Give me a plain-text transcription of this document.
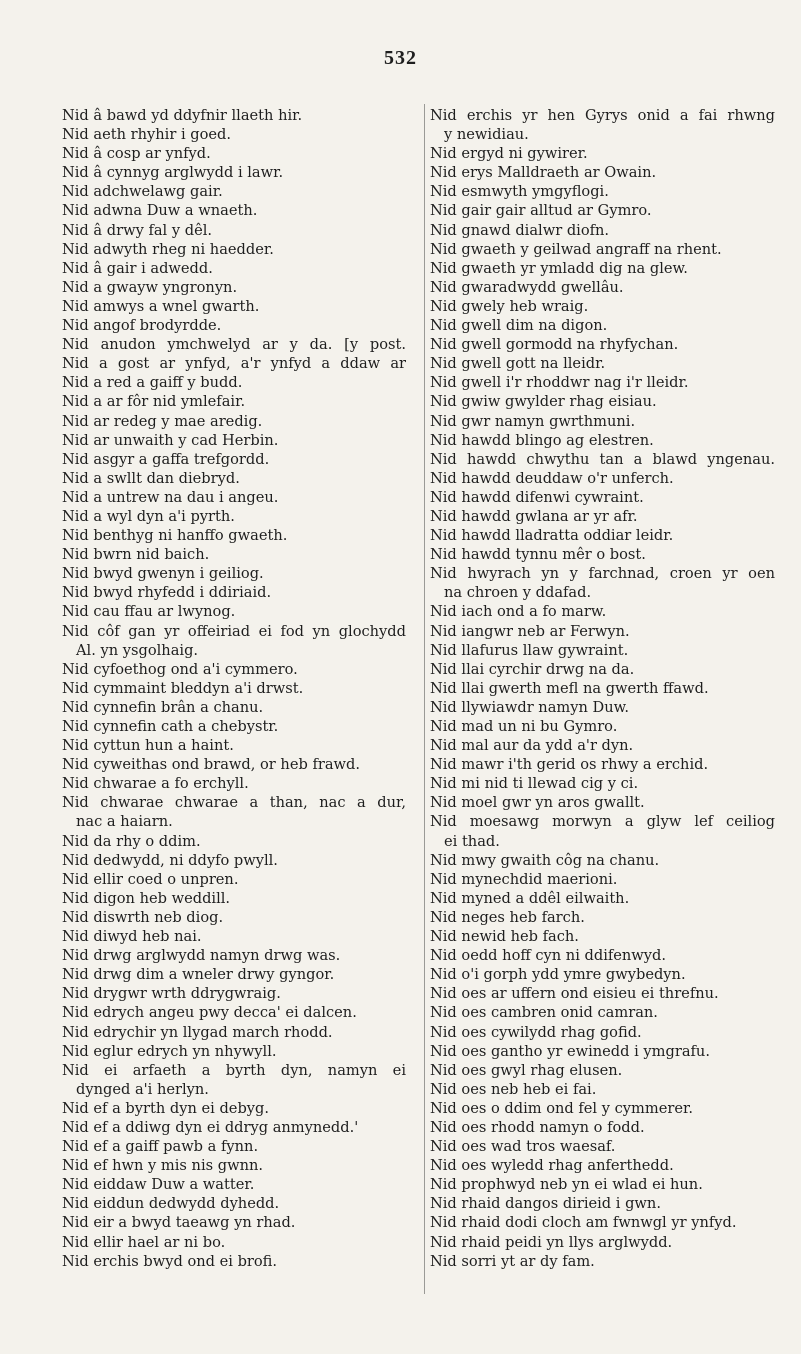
532
Nid â bawd yd ddyfnir llaeth hir.
Nid aeth rhyhir i goed.
Nid â cosp ar ynfyd.
Nid â cynnyg arglwydd i lawr.
Nid adchwelawg gair.
Nid adwna Duw a wnaeth.
Nid â drwy fal y dêl.
Nid adwyth rheg ni haedder.
Nid â gair i adwedd.
Nid a gwayw yngronyn.
Nid amwys a wnel gwarth.
Nid angof brodyrdde.
Nid anudon ymchwelyd ar y da. [y post.
Nid a gost ar ynfyd, a'r ynfyd a ddaw ar
Nid a red a gaiff y budd.
Nid a ar fôr nid ymlefair.
Nid ar redeg y mae aredig.
Nid ar unwaith y cad Herbin.
Nid asgyr a gaffa trefgordd.
Nid a swllt dan diebryd.
Nid a untrew na dau i angeu.
Nid a wyl dyn a'i pyrth.
Nid benthyg ni hanffo gwaeth.
Nid bwrn nid baich.
Nid bwyd gwenyn i geiliog.
Nid bwyd rhyfedd i ddiriaid.
Nid cau ffau ar lwynog.
Nid côf gan yr offeiriad ei fod yn glochydd
Al. yn ysgolhaig.
Nid cyfoethog ond a'i cymmero.
Nid cymmaint bleddyn a'i drwst.
Nid cynnefin brân a chanu.
Nid cynnefin cath a chebystr.
Nid cyttun hun a haint.
Nid cyweithas ond brawd, or heb frawd.
Nid chwarae a fo erchyll.
Nid chwarae chwarae a than, nac a dur,
nac a haiarn.
Nid da rhy o ddim.
Nid dedwydd, ni ddyfo pwyll.
Nid ellir coed o unpren.
Nid digon heb weddill.
Nid diswrth neb diog.
Nid diwyd heb nai.
Nid drwg arglwydd namyn drwg was.
Nid drwg dim a wneler drwy gyngor.
Nid drygwr wrth ddrygwraig.
Nid edrych angeu pwy decca' ei dalcen.
Nid edrychir yn llygad march rhodd.
Nid eglur edrych yn nhywyll.
Nid ei arfaeth a byrth dyn, namyn ei
dynged a'i herlyn.
Nid ef a byrth dyn ei debyg.
Nid ef a ddiwg dyn ei ddryg anmynedd.'
Nid ef a gaiff pawb a fynn.
Nid ef hwn y mis nis gwnn.
Nid eiddaw Duw a watter.
Nid eiddun dedwydd dyhedd.
Nid eir a bwyd taeawg yn rhad.
Nid ellir hael ar ni bo.
Nid erchis bwyd ond ei brofi.
Nid erchis yr hen Gyrys onid a fai rhwng
y newidiau.
Nid ergyd ni gywirer.
Nid erys Malldraeth ar Owain.
Nid esmwyth ymgyflogi.
Nid gair gair alltud ar Gymro.
Nid gnawd dialwr diofn.
Nid gwaeth y geilwad angraff na rhent.
Nid gwaeth yr ymladd dig na glew.
Nid gwaradwydd gwellâu.
Nid gwely heb wraig.
Nid gwell dim na digon.
Nid gwell gormodd na rhyfychan.
Nid gwell gott na lleidr.
Nid gwell i'r rhoddwr nag i'r lleidr.
Nid gwiw gwylder rhag eisiau.
Nid gwr namyn gwrthmuni.
Nid hawdd blingo ag elestren.
Nid hawdd chwythu tan a blawd yngenau.
Nid hawdd deuddaw o'r unferch.
Nid hawdd difenwi cywraint.
Nid hawdd gwlana ar yr afr.
Nid hawdd lladratta oddiar leidr.
Nid hawdd tynnu mêr o bost.
Nid hwyrach yn y farchnad, croen yr oen
na chroen y ddafad.
Nid iach ond a fo marw.
Nid iangwr neb ar Ferwyn.
Nid llafurus llaw gywraint.
Nid llai cyrchir drwg na da.
Nid llai gwerth mefl na gwerth ffawd.
Nid llywiawdr namyn Duw.
Nid mad un ni bu Gymro.
Nid mal aur da ydd a'r dyn.
Nid mawr i'th gerid os rhwy a erchid.
Nid mi nid ti llewad cig y ci.
Nid moel gwr yn aros gwallt.
Nid moesawg morwyn a glyw lef ceiliog
ei thad.
Nid mwy gwaith côg na chanu.
Nid mynechdid maerioni.
Nid myned a ddêl eilwaith.
Nid neges heb farch.
Nid newid heb fach.
Nid oedd hoff cyn ni ddifenwyd.
Nid o'i gorph ydd ymre gwybedyn.
Nid oes ar uffern ond eisieu ei threfnu.
Nid oes cambren onid camran.
Nid oes cywilydd rhag gofid.
Nid oes gantho yr ewinedd i ymgrafu.
Nid oes gwyl rhag elusen.
Nid oes neb heb ei fai.
Nid oes o ddim ond fel y cymmerer.
Nid oes rhodd namyn o fodd.
Nid oes wad tros waesaf.
Nid oes wyledd rhag anferthedd.
Nid prophwyd neb yn ei wlad ei hun.
Nid rhaid dangos dirieid i gwn.
Nid rhaid dodi cloch am fwnwgl yr ynfyd.
Nid rhaid peidi yn llys arglwydd.
Nid sorri yt ar dy fam.
